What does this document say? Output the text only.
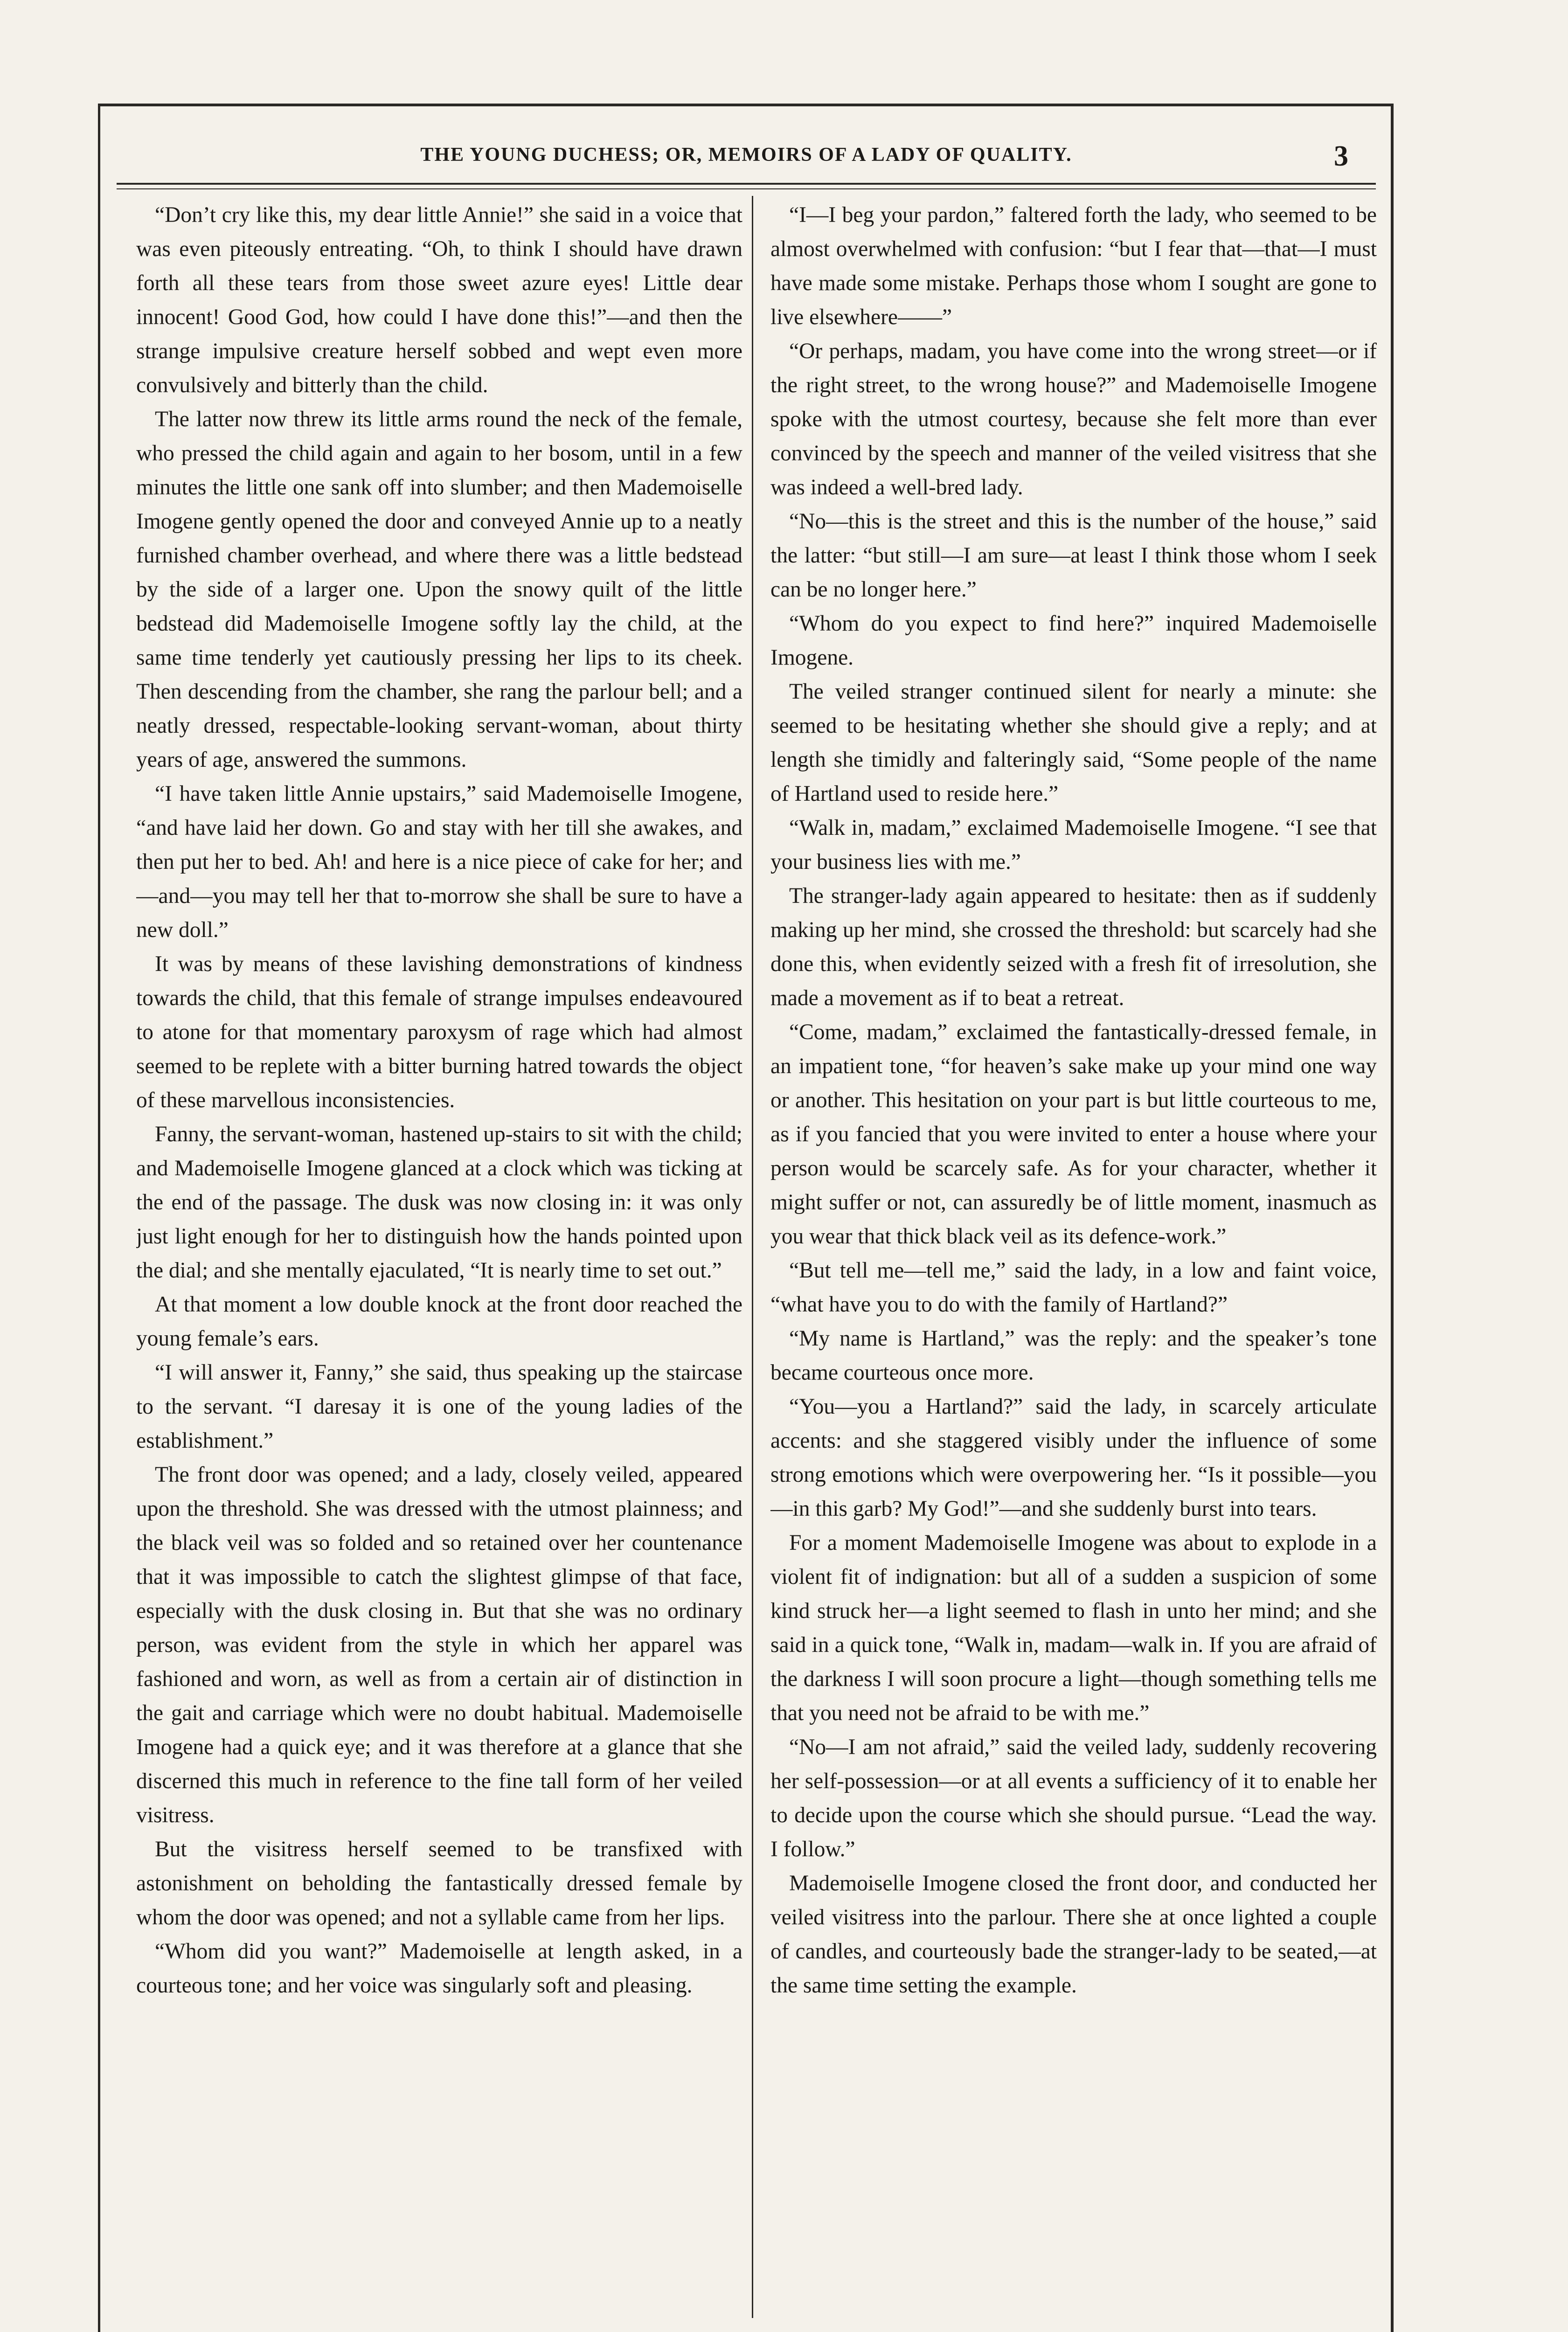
THE YOUNG DUCHESS; OR, MEMOIRS OF A LADY OF QUALITY.	3

“Don’t cry like this, my dear little Annie!” she said in a voice that was even piteously entreating. “Oh, to think I should have drawn forth all these tears from those sweet azure eyes! Little dear innocent! Good God, how could I have done this!”—and then the strange impulsive creature herself sobbed and wept even more convulsively and bitterly than the child.

The latter now threw its little arms round the neck of the female, who pressed the child again and again to her bosom, until in a few minutes the little one sank off into slumber; and then Mademoiselle Imogene gently opened the door and conveyed Annie up to a neatly furnished chamber overhead, and where there was a little bedstead by the side of a larger one. Upon the snowy quilt of the little bedstead did Mademoiselle Imogene softly lay the child, at the same time tenderly yet cautiously pressing her lips to its cheek. Then descending from the chamber, she rang the parlour bell; and a neatly dressed, respectable-looking servant-woman, about thirty years of age, answered the summons.

“I have taken little Annie upstairs,” said Mademoiselle Imogene, “and have laid her down. Go and stay with her till she awakes, and then put her to bed. Ah! and here is a nice piece of cake for her; and—and—you may tell her that to-morrow she shall be sure to have a new doll.”

It was by means of these lavishing demonstrations of kindness towards the child, that this female of strange impulses endeavoured to atone for that momentary paroxysm of rage which had almost seemed to be replete with a bitter burning hatred towards the object of these marvellous inconsistencies.

Fanny, the servant-woman, hastened up-stairs to sit with the child; and Mademoiselle Imogene glanced at a clock which was ticking at the end of the passage. The dusk was now closing in: it was only just light enough for her to distinguish how the hands pointed upon the dial; and she mentally ejaculated, “It is nearly time to set out.”

At that moment a low double knock at the front door reached the young female’s ears.

“I will answer it, Fanny,” she said, thus speaking up the staircase to the servant. “I daresay it is one of the young ladies of the establishment.”

The front door was opened; and a lady, closely veiled, appeared upon the threshold. She was dressed with the utmost plainness; and the black veil was so folded and so retained over her countenance that it was impossible to catch the slightest glimpse of that face, especially with the dusk closing in. But that she was no ordinary person, was evident from the style in which her apparel was fashioned and worn, as well as from a certain air of distinction in the gait and carriage which were no doubt habitual. Mademoiselle Imogene had a quick eye; and it was therefore at a glance that she discerned this much in reference to the fine tall form of her veiled visitress.

But the visitress herself seemed to be transfixed with astonishment on beholding the fantastically dressed female by whom the door was opened; and not a syllable came from her lips.

“Whom did you want?” Mademoiselle at length asked, in a courteous tone; and her voice was singularly soft and pleasing.

“I—I beg your pardon,” faltered forth the lady, who seemed to be almost overwhelmed with confusion: “but I fear that—that—I must have made some mistake. Perhaps those whom I sought are gone to live elsewhere——”

“Or perhaps, madam, you have come into the wrong street—or if the right street, to the wrong house?” and Mademoiselle Imogene spoke with the utmost courtesy, because she felt more than ever convinced by the speech and manner of the veiled visitress that she was indeed a well-bred lady.

“No—this is the street and this is the number of the house,” said the latter: “but still—I am sure—at least I think those whom I seek can be no longer here.”

“Whom do you expect to find here?” inquired Mademoiselle Imogene.

The veiled stranger continued silent for nearly a minute: she seemed to be hesitating whether she should give a reply; and at length she timidly and falteringly said, “Some people of the name of Hartland used to reside here.”

“Walk in, madam,” exclaimed Mademoiselle Imogene. “I see that your business lies with me.”

The stranger-lady again appeared to hesitate: then as if suddenly making up her mind, she crossed the threshold: but scarcely had she done this, when evidently seized with a fresh fit of irresolution, she made a movement as if to beat a retreat.

“Come, madam,” exclaimed the fantastically-dressed female, in an impatient tone, “for heaven’s sake make up your mind one way or another. This hesitation on your part is but little courteous to me, as if you fancied that you were invited to enter a house where your person would be scarcely safe. As for your character, whether it might suffer or not, can assuredly be of little moment, inasmuch as you wear that thick black veil as its defence-work.”

“But tell me—tell me,” said the lady, in a low and faint voice, “what have you to do with the family of Hartland?”

“My name is Hartland,” was the reply: and the speaker’s tone became courteous once more.

“You—you a Hartland?” said the lady, in scarcely articulate accents: and she staggered visibly under the influence of some strong emotions which were overpowering her. “Is it possible—you—in this garb? My God!”—and she suddenly burst into tears.

For a moment Mademoiselle Imogene was about to explode in a violent fit of indignation: but all of a sudden a suspicion of some kind struck her—a light seemed to flash in unto her mind; and she said in a quick tone, “Walk in, madam—walk in. If you are afraid of the darkness I will soon procure a light—though something tells me that you need not be afraid to be with me.”

“No—I am not afraid,” said the veiled lady, suddenly recovering her self-possession—or at all events a sufficiency of it to enable her to decide upon the course which she should pursue. “Lead the way. I follow.”

Mademoiselle Imogene closed the front door, and conducted her veiled visitress into the parlour. There she at once lighted a couple of candles, and courteously bade the stranger-lady to be seated,—at the same time setting the example.
